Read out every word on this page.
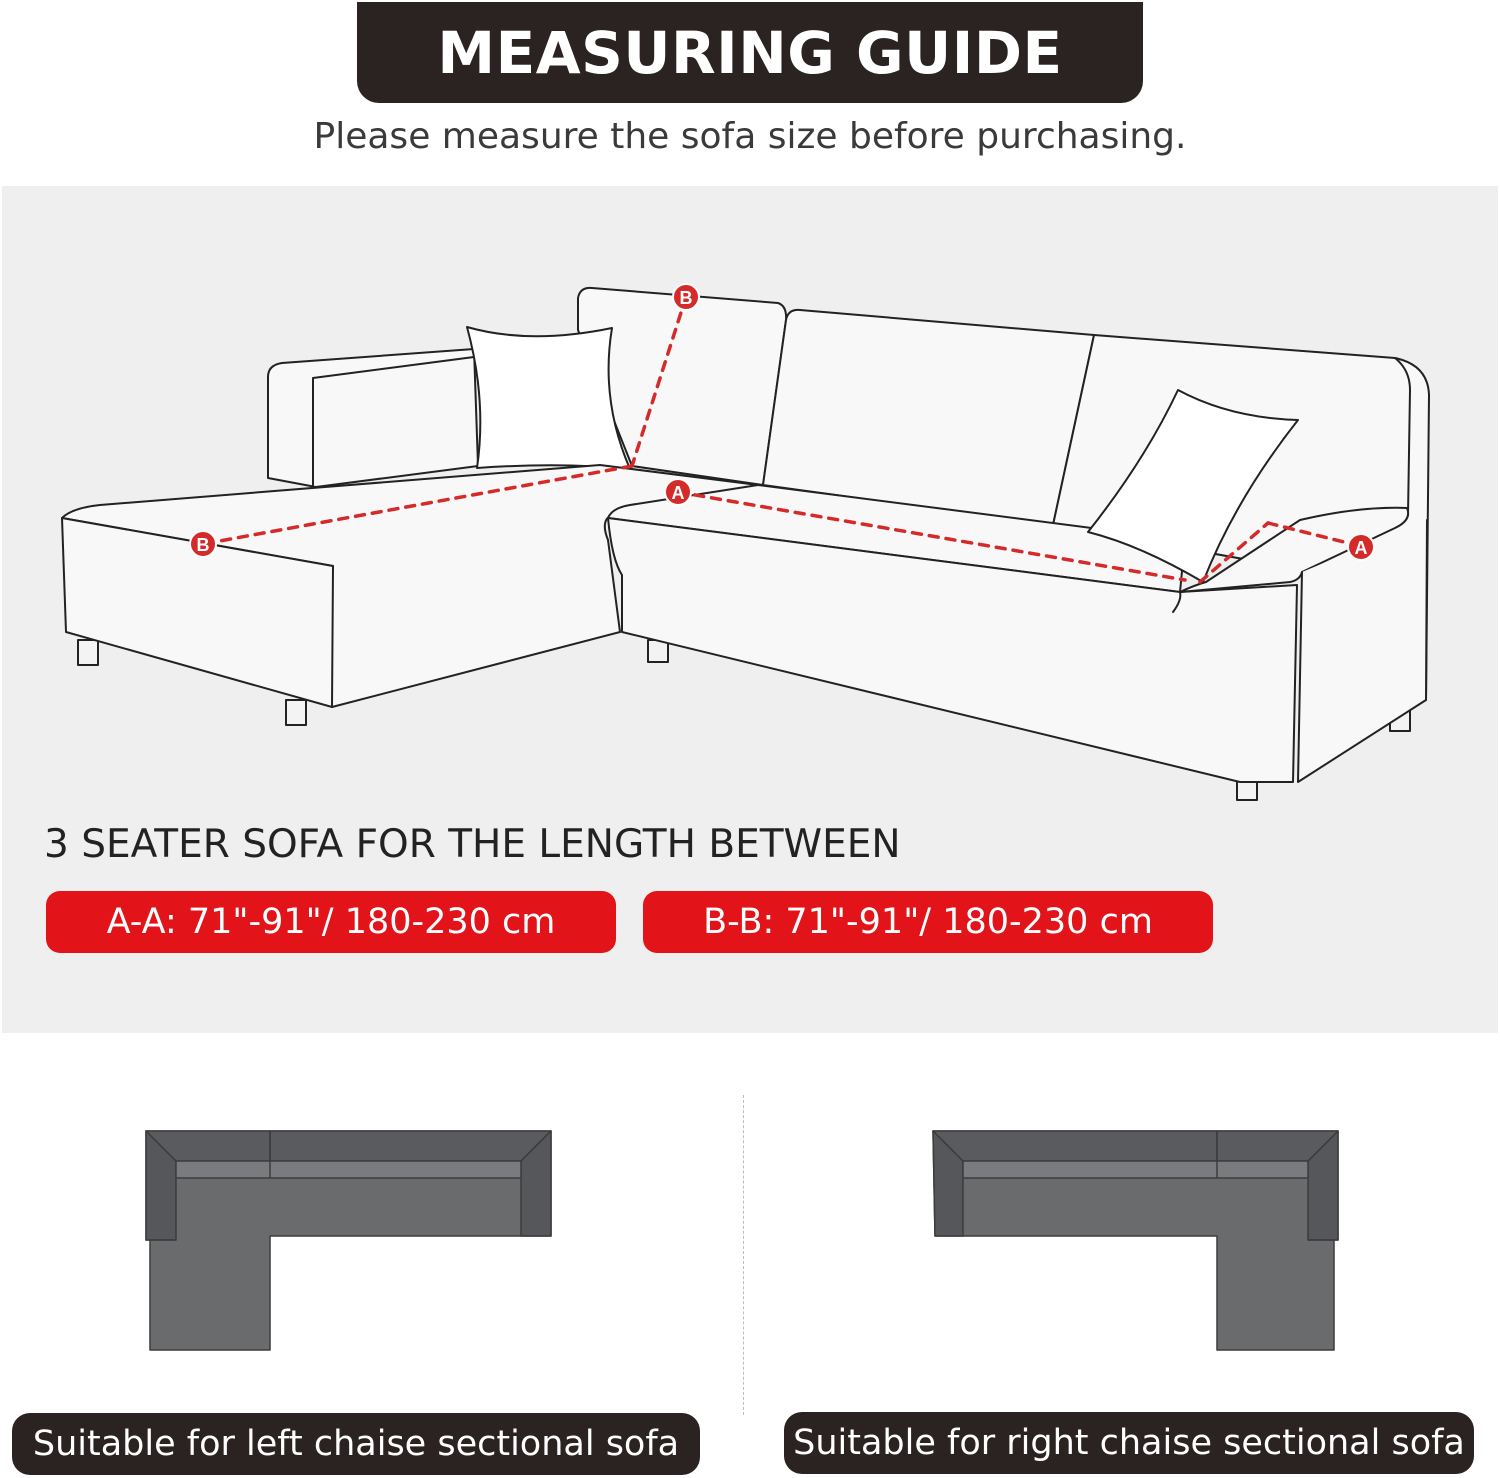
MEASURING GUIDE
Please measure the sofa size before purchasing.
B
B
A
A
3 SEATER SOFA FOR THE LENGTH BETWEEN
A-A: 71"-91"/ 180-230 cm	B-B: 71"-91"/ 180-230 cm
Suitable for left chaise sectional sofa	Suitable for right chaise sectional sofa
